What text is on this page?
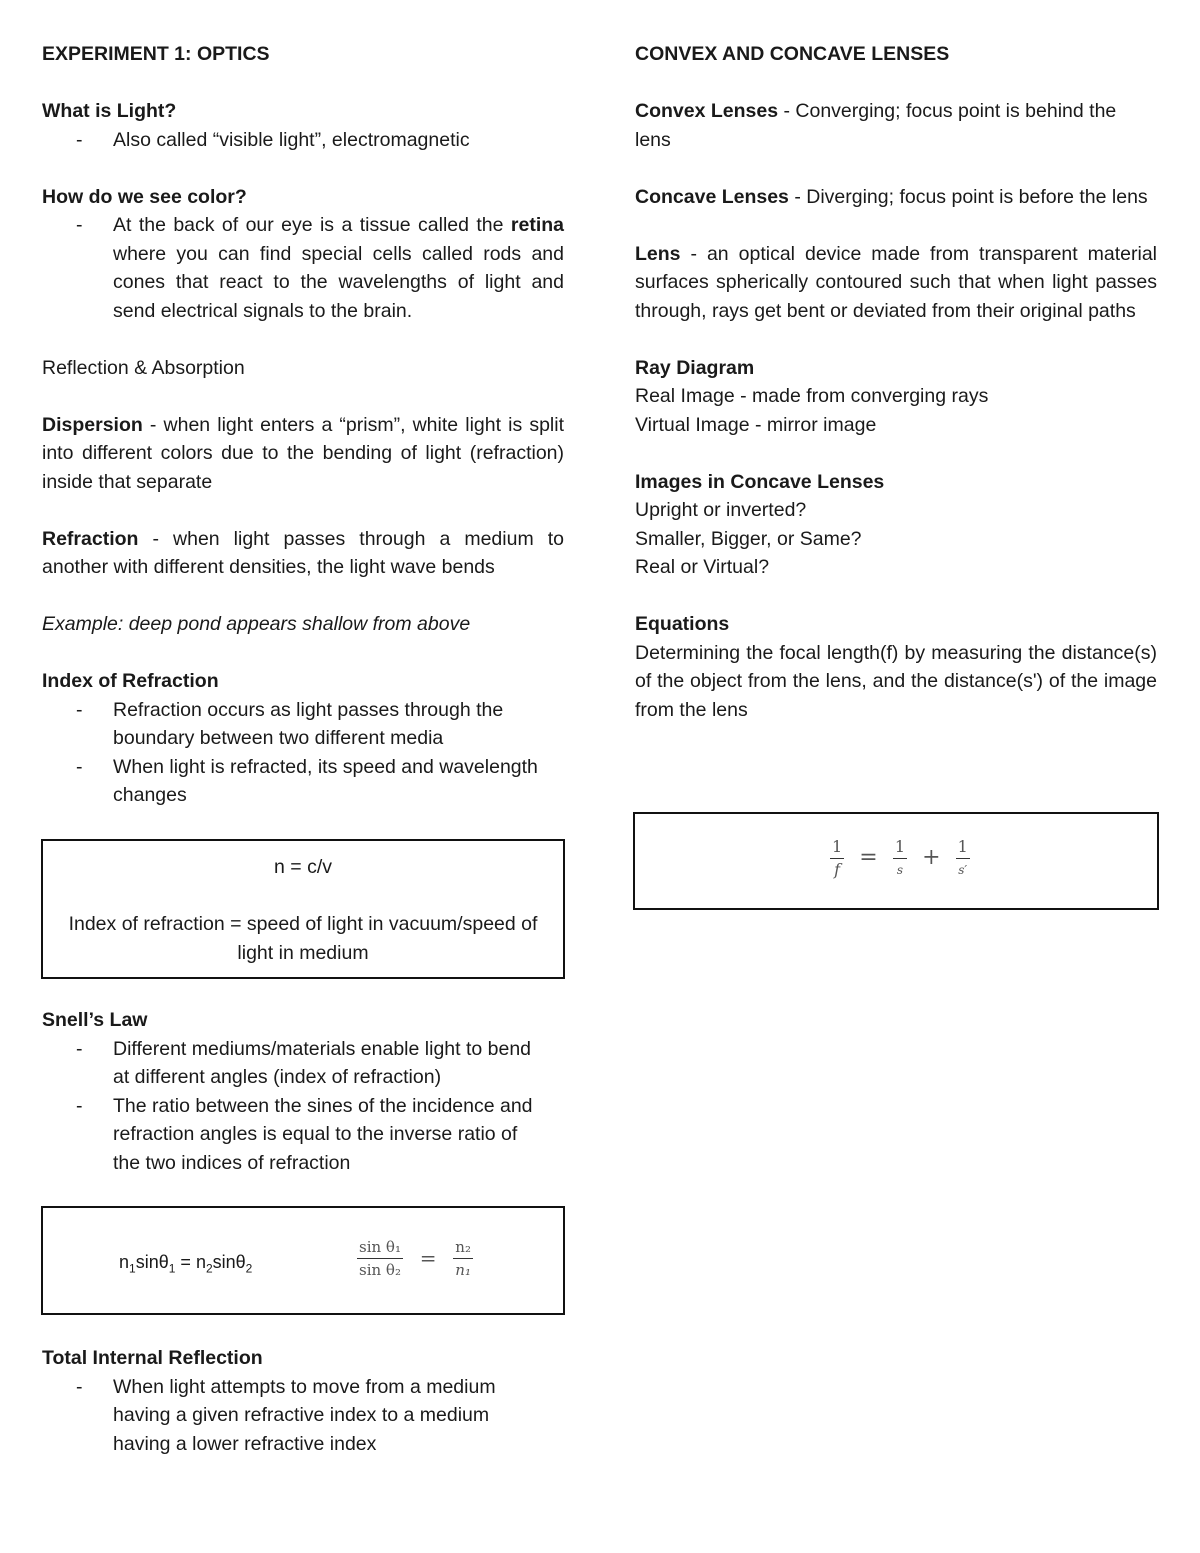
EXPERIMENT 1: OPTICS

What is Light?

- Also called “visible light”, electromagnetic

How do we see color?

- At the back of our eye is a tissue called the retina where you can find special cells called rods and cones that react to the wavelengths of light and send electrical signals to the brain.

Reflection & Absorption

Dispersion - when light enters a “prism”, white light is split into different colors due to the bending of light (refraction) inside that separate

Refraction - when light passes through a medium to another with different densities, the light wave bends

Example: deep pond appears shallow from above

Index of Refraction

- Refraction occurs as light passes through the boundary between two different media
- When light is refracted, its speed and wavelength changes
n = c/v
Index of refraction = speed of light in vacuum/speed of light in medium

Snell’s Law

- Different mediums/materials enable light to bend at different angles (index of refraction)
- The ratio between the sines of the incidence and refraction angles is equal to the inverse ratio of the two indices of refraction
$n_1\sin\theta_1 = n_2\sin\theta_2$	$\frac{\text{sin θ₁}}{\text{sin θ₂}} = \frac{\text{n₂}}{\text{n₁}}$

Total Internal Reflection

- When light attempts to move from a medium having a given refractive index to a medium having a lower refractive index

CONVEX AND CONCAVE LENSES

Convex Lenses - Converging; focus point is behind the lens

Concave Lenses - Diverging; focus point is before the lens

Lens - an optical device made from transparent material surfaces spherically contoured such that when light passes through, rays get bent or deviated from their original paths

Ray Diagram

Real Image - made from converging rays

Virtual Image - mirror image

Images in Concave Lenses

Upright or inverted?

Smaller, Bigger, or Same?

Real or Virtual?

Equations

Determining the focal length(f) by measuring the distance(s) of the object from the lens, and the distance(s') of the image from the lens

$\frac{1}{f} = \frac{1}{s} + \frac{1}{s'}$
